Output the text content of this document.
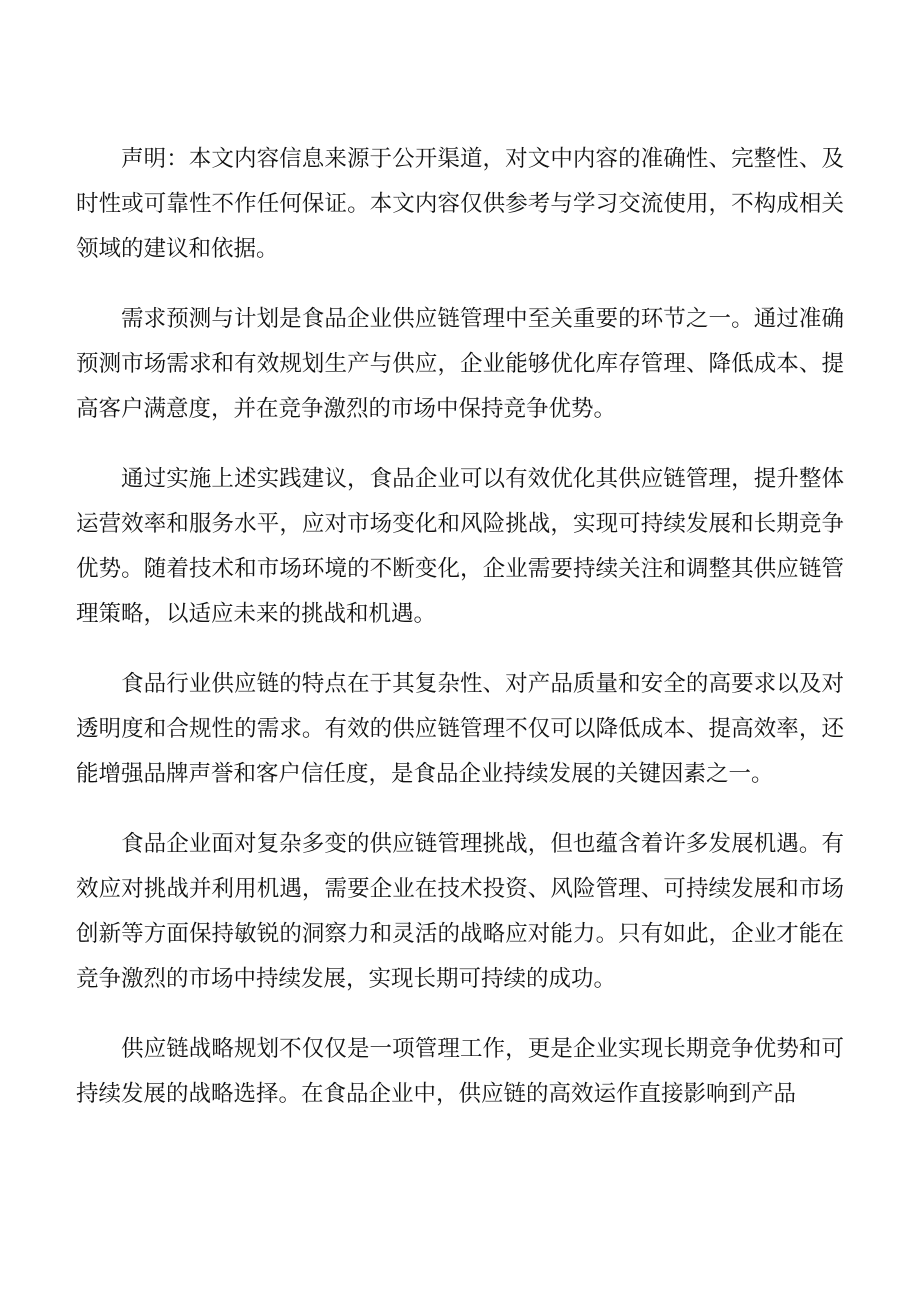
声明：本文内容信息来源于公开渠道，对文中内容的准确性、完整性、及时性或可靠性不作任何保证。本文内容仅供参考与学习交流使用，不构成相关领域的建议和依据。

需求预测与计划是食品企业供应链管理中至关重要的环节之一。通过准确预测市场需求和有效规划生产与供应，企业能够优化库存管理、降低成本、提高客户满意度，并在竞争激烈的市场中保持竞争优势。

通过实施上述实践建议，食品企业可以有效优化其供应链管理，提升整体运营效率和服务水平，应对市场变化和风险挑战，实现可持续发展和长期竞争优势。随着技术和市场环境的不断变化，企业需要持续关注和调整其供应链管理策略，以适应未来的挑战和机遇。

食品行业供应链的特点在于其复杂性、对产品质量和安全的高要求以及对透明度和合规性的需求。有效的供应链管理不仅可以降低成本、提高效率，还能增强品牌声誉和客户信任度，是食品企业持续发展的关键因素之一。

食品企业面对复杂多变的供应链管理挑战，但也蕴含着许多发展机遇。有效应对挑战并利用机遇，需要企业在技术投资、风险管理、可持续发展和市场创新等方面保持敏锐的洞察力和灵活的战略应对能力。只有如此，企业才能在竞争激烈的市场中持续发展，实现长期可持续的成功。

供应链战略规划不仅仅是一项管理工作，更是企业实现长期竞争优势和可持续发展的战略选择。在食品企业中，供应链的高效运作直接影响到产品
